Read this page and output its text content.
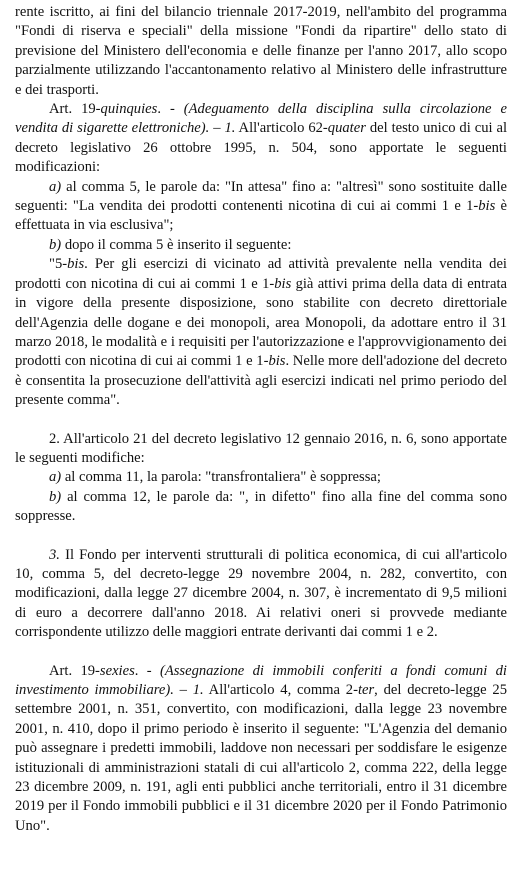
rente iscritto, ai fini del bilancio triennale 2017-2019, nell'ambito del programma "Fondi di riserva e speciali" della missione "Fondi da ripartire" dello stato di previsione del Ministero dell'economia e delle finanze per l'anno 2017, allo scopo parzialmente utilizzando l'accantonamento relativo al Ministero delle infrastrutture e dei trasporti.

Art. 19-quinquies. - (Adeguamento della disciplina sulla circolazione e vendita di sigarette elettroniche). – 1. All'articolo 62-quater del testo unico di cui al decreto legislativo 26 ottobre 1995, n. 504, sono apportate le seguenti modificazioni:

a) al comma 5, le parole da: "In attesa" fino a: "altresì" sono sostituite dalle seguenti: "La vendita dei prodotti contenenti nicotina di cui ai commi 1 e 1-bis è effettuata in via esclusiva";

b) dopo il comma 5 è inserito il seguente:

"5-bis. Per gli esercizi di vicinato ad attività prevalente nella vendita dei prodotti con nicotina di cui ai commi 1 e 1-bis già attivi prima della data di entrata in vigore della presente disposizione, sono stabilite con decreto direttoriale dell'Agenzia delle dogane e dei monopoli, area Monopoli, da adottare entro il 31 marzo 2018, le modalità e i requisiti per l'autorizzazione e l'approvvigionamento dei prodotti con nicotina di cui ai commi 1 e 1-bis. Nelle more dell'adozione del decreto è consentita la prosecuzione dell'attività agli esercizi indicati nel primo periodo del presente comma".

2. All'articolo 21 del decreto legislativo 12 gennaio 2016, n. 6, sono apportate le seguenti modifiche:

a) al comma 11, la parola: "transfrontaliera" è soppressa;

b) al comma 12, le parole da: ", in difetto" fino alla fine del comma sono soppresse.

3. Il Fondo per interventi strutturali di politica economica, di cui all'articolo 10, comma 5, del decreto-legge 29 novembre 2004, n. 282, convertito, con modificazioni, dalla legge 27 dicembre 2004, n. 307, è incrementato di 9,5 milioni di euro a decorrere dall'anno 2018. Ai relativi oneri si provvede mediante corrispondente utilizzo delle maggiori entrate derivanti dai commi 1 e 2.

Art. 19-sexies. - (Assegnazione di immobili conferiti a fondi comuni di investimento immobiliare). – 1. All'articolo 4, comma 2-ter, del decreto-legge 25 settembre 2001, n. 351, convertito, con modificazioni, dalla legge 23 novembre 2001, n. 410, dopo il primo periodo è inserito il seguente: "L'Agenzia del demanio può assegnare i predetti immobili, laddove non necessari per soddisfare le esigenze istituzionali di amministrazioni statali di cui all'articolo 2, comma 222, della legge 23 dicembre 2009, n. 191, agli enti pubblici anche territoriali, entro il 31 dicembre 2019 per il Fondo immobili pubblici e il 31 dicembre 2020 per il Fondo Patrimonio Uno".
